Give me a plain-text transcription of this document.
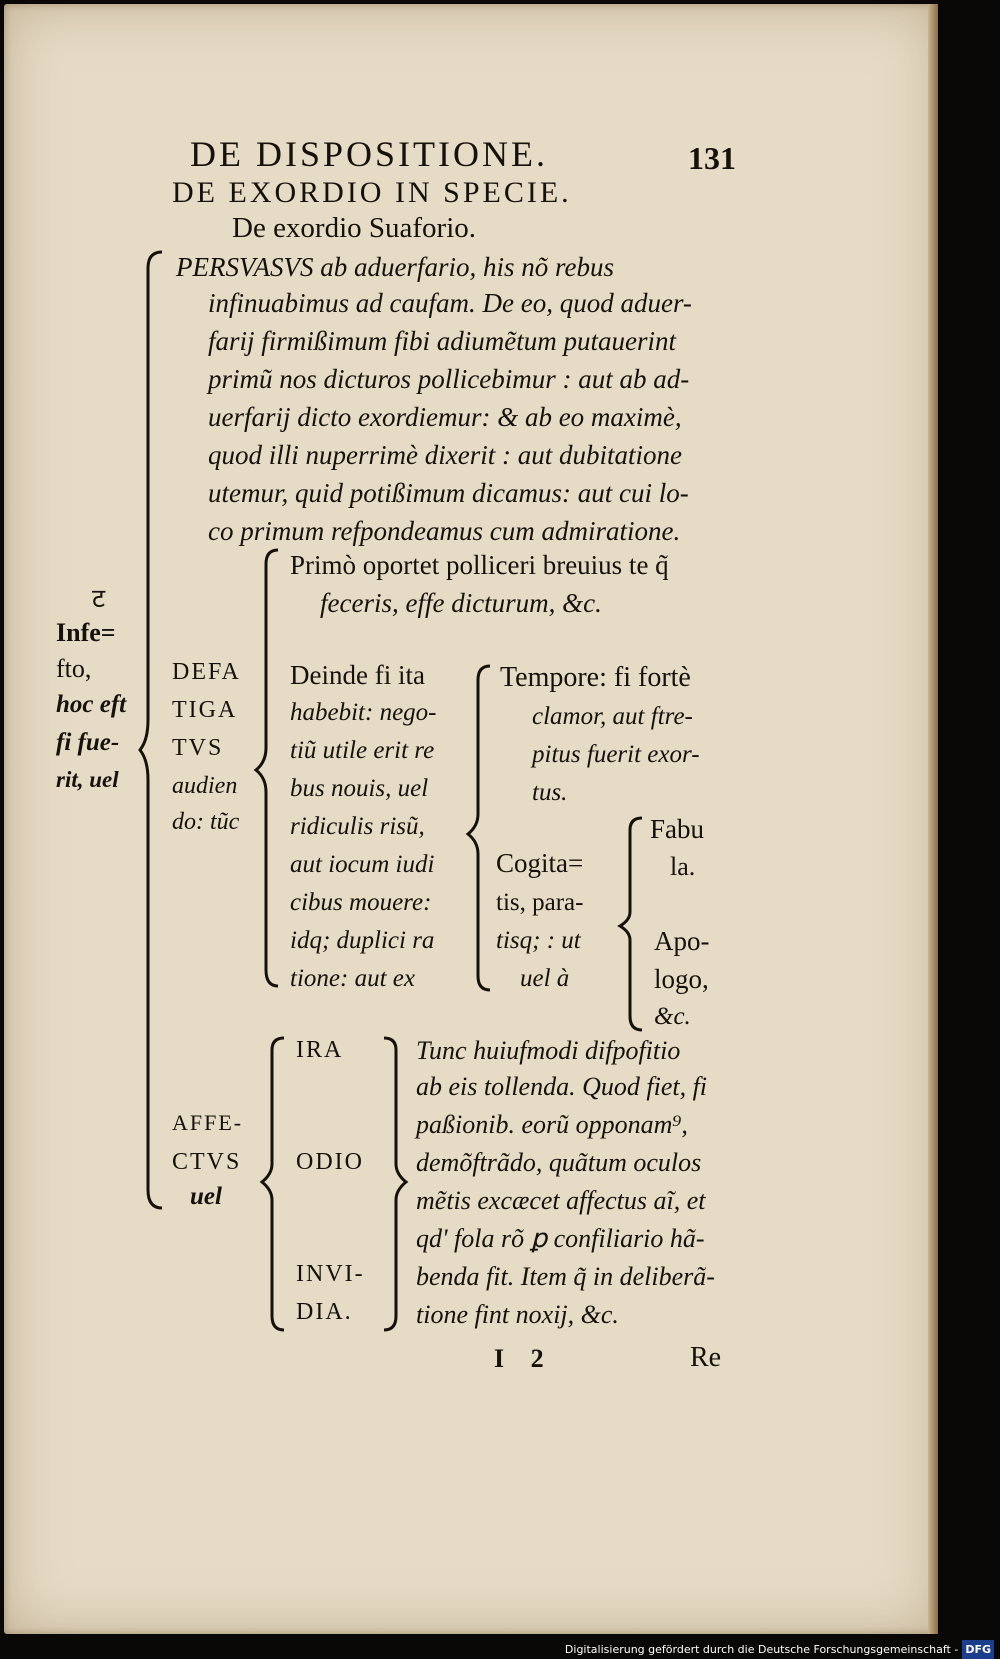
DE DISPOSITIONE.	131
DE EXORDIO IN SPECIE.
De exordio Suaforio.
PERSVASVS ab aduerfario, his nõ rebus
infinuabimus ad caufam. De eo, quod aduer-
farij firmißimum fibi adiumẽtum putauerint
primũ nos dicturos pollicebimur : aut ab ad-
uerfarij dicto exordiemur: & ab eo maximè,
quod illi nuperrimè dixerit : aut dubitatione
utemur, quid potißimum dicamus: aut cui lo-
co primum refpondeamus cum admiratione.
ट
Infe=
fto,
hoc eft
fi fue-
rit, uel
DEFA
TIGA
TVS
audien
do: tũc
Primò oportet polliceri breuius te q̃
feceris, effe dicturum, &c.
Deinde fi ita
habebit: nego-
tiũ utile erit re
bus nouis, uel
ridiculis risũ,
aut iocum iudi
cibus mouere:
idq; duplici ra
tione: aut ex
Tempore: fi fortè
clamor, aut ftre-
pitus fuerit exor-
tus.
Cogita=
tis, para-
tisq; : ut
uel à
Fabu
la.
Apo-
logo,
&c.
AFFE-
CTVS
uel
IRA
ODIO
INVI-
DIA.
Tunc huiufmodi difpofitio
ab eis tollenda. Quod fiet, fi
paßionib. eorũ opponam⁹,
demõftrãdo, quãtum oculos
mẽtis excæcet affectus aĩ, et
qd' fola rõ ꝑ confiliario hã-
benda fit. Item q̃ in deliberã-
tione fint noxij, &c.
I 2	Re
Digitalisierung gefördert durch die Deutsche Forschungsgemeinschaft - DFG
